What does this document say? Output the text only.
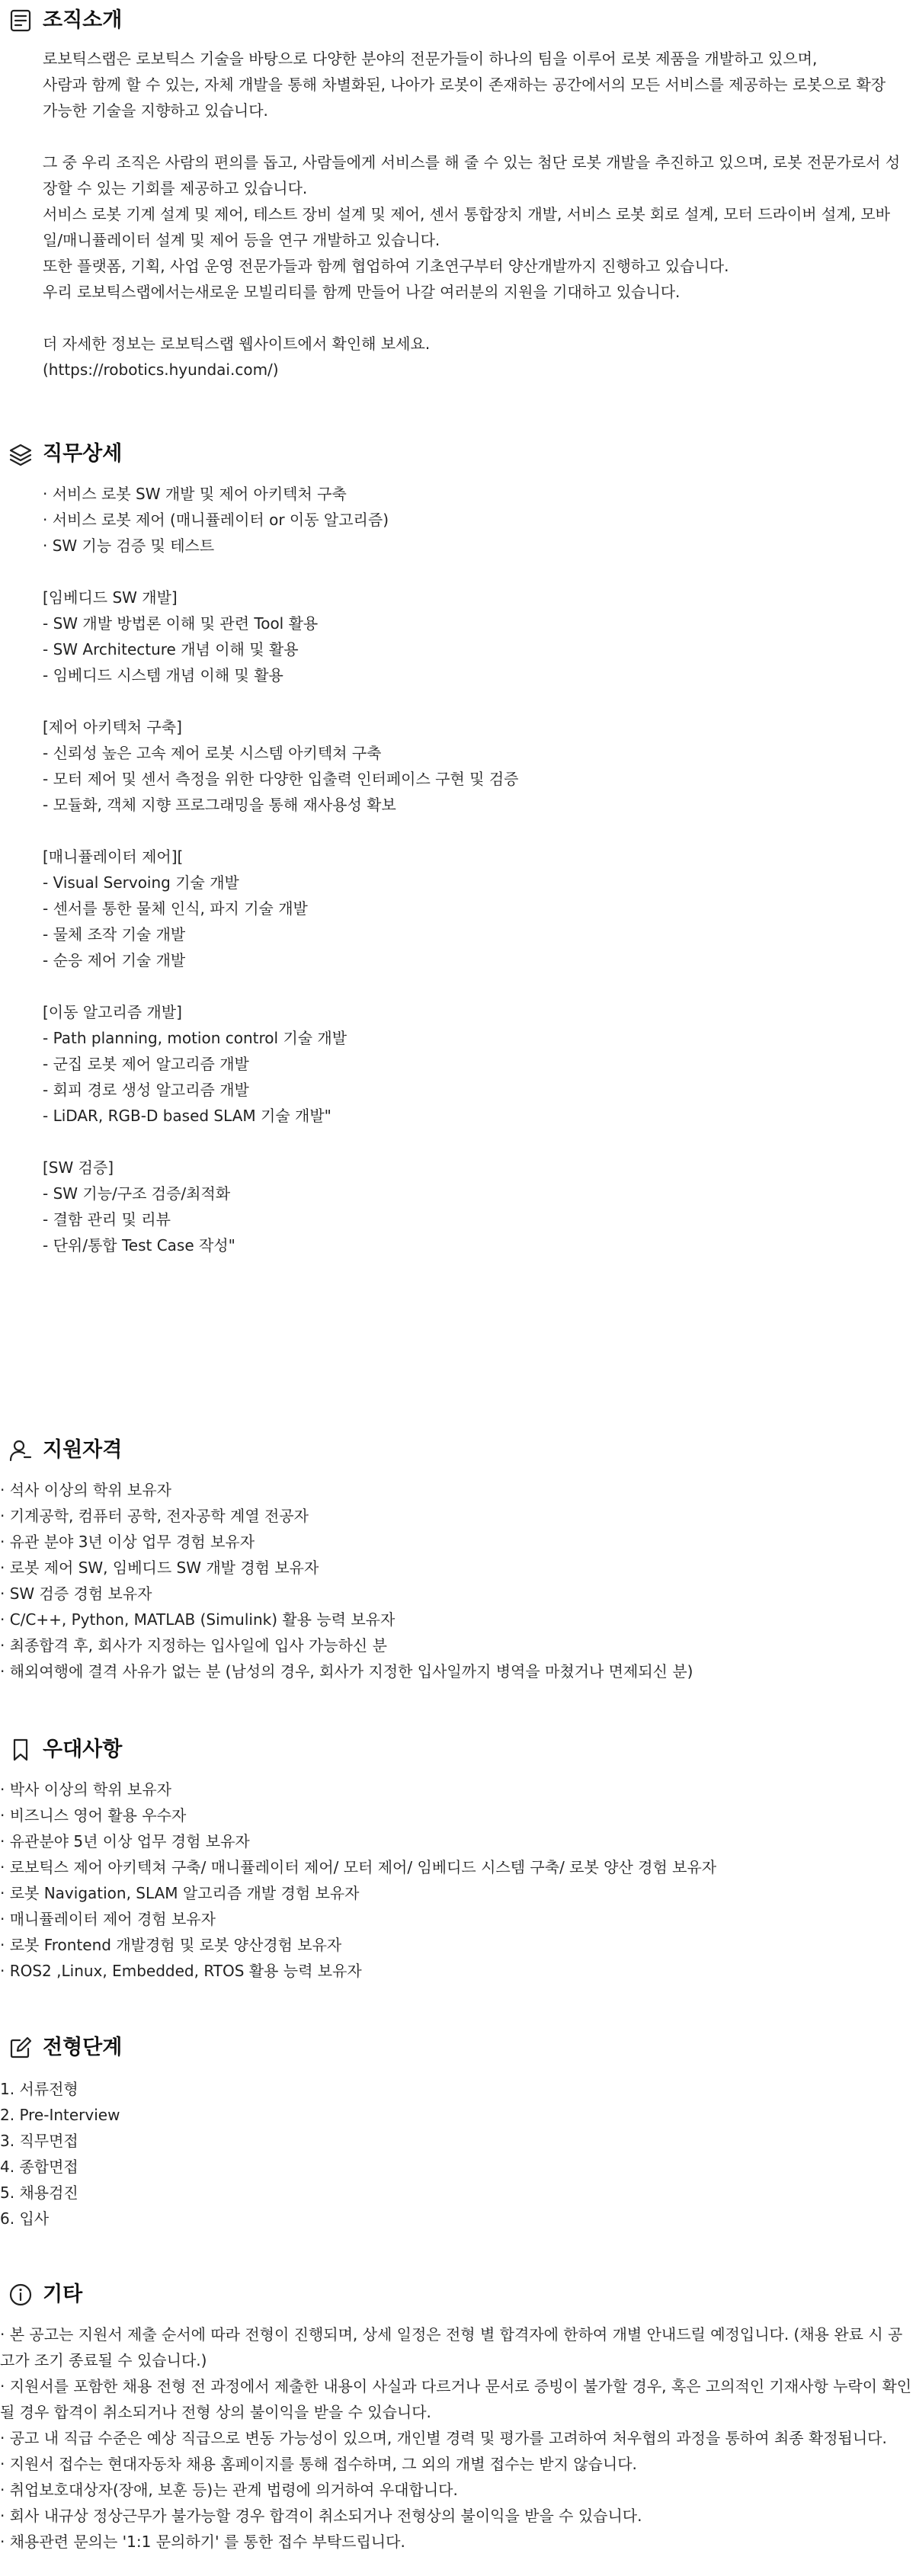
조직소개

로보틱스랩은 로보틱스 기술을 바탕으로 다양한 분야의 전문가들이 하나의 팀을 이루어 로봇 제품을 개발하고 있으며,

사람과 함께 할 수 있는, 자체 개발을 통해 차별화된, 나아가 로봇이 존재하는 공간에서의 모든 서비스를 제공하는 로봇으로 확장 가능한 기술을 지향하고 있습니다.

그 중 우리 조직은 사람의 편의를 돕고, 사람들에게 서비스를 해 줄 수 있는 첨단 로봇 개발을 추진하고 있으며, 로봇 전문가로서 성장할 수 있는 기회를 제공하고 있습니다.

서비스 로봇 기계 설계 및 제어, 테스트 장비 설계 및 제어, 센서 통합장치 개발, 서비스 로봇 회로 설계, 모터 드라이버 설계, 모바일/매니퓰레이터 설계 및 제어 등을 연구 개발하고 있습니다.

또한 플랫폼, 기획, 사업 운영 전문가들과 함께 협업하여 기초연구부터 양산개발까지 진행하고 있습니다.

우리 로보틱스랩에서는새로운 모빌리티를 함께 만들어 나갈 여러분의 지원을 기대하고 있습니다.

더 자세한 정보는 로보틱스랩 웹사이트에서 확인해 보세요.

(https://robotics.hyundai.com/)

직무상세
· 서비스 로봇 SW 개발 및 제어 아키텍처 구축
· 서비스 로봇 제어 (매니퓰레이터 or 이동 알고리즘)
· SW 기능 검증 및 테스트
[임베디드 SW 개발]
- SW 개발 방법론 이해 및 관련 Tool 활용
- SW Architecture 개념 이해 및 활용
- 임베디드 시스템 개념 이해 및 활용
[제어 아키텍처 구축]
- 신뢰성 높은 고속 제어 로봇 시스템 아키텍쳐 구축
- 모터 제어 및 센서 측정을 위한 다양한 입출력 인터페이스 구현 및 검증
- 모듈화, 객체 지향 프로그래밍을 통해 재사용성 확보
[매니퓰레이터 제어][
- Visual Servoing 기술 개발
- 센서를 통한 물체 인식, 파지 기술 개발
- 물체 조작 기술 개발
- 순응 제어 기술 개발
[이동 알고리즘 개발]
- Path planning, motion control 기술 개발
- 군집 로봇 제어 알고리즘 개발
- 회피 경로 생성 알고리즘 개발
- LiDAR, RGB-D based SLAM 기술 개발"
[SW 검증]
- SW 기능/구조 검증/최적화
- 결함 관리 및 리뷰
- 단위/통합 Test Case 작성"
지원자격
· 석사 이상의 학위 보유자
· 기계공학, 컴퓨터 공학, 전자공학 계열 전공자
· 유관 분야 3년 이상 업무 경험 보유자
· 로봇 제어 SW, 임베디드 SW 개발 경험 보유자
· SW 검증 경험 보유자
· C/C++, Python, MATLAB (Simulink) 활용 능력 보유자
· 최종합격 후, 회사가 지정하는 입사일에 입사 가능하신 분
· 해외여행에 결격 사유가 없는 분 (남성의 경우, 회사가 지정한 입사일까지 병역을 마쳤거나 면제되신 분)
우대사항
· 박사 이상의 학위 보유자
· 비즈니스 영어 활용 우수자
· 유관분야 5년 이상 업무 경험 보유자
· 로보틱스 제어 아키텍쳐 구축/ 매니퓰레이터 제어/ 모터 제어/ 임베디드 시스템 구축/ 로봇 양산 경험 보유자
· 로봇 Navigation, SLAM 알고리즘 개발 경험 보유자
· 매니퓰레이터 제어 경험 보유자
· 로봇 Frontend 개발경험 및 로봇 양산경험 보유자
· ROS2 ,Linux, Embedded, RTOS 활용 능력 보유자
전형단계
1. 서류전형
2. Pre-Interview
3. 직무면접
4. 종합면접
5. 채용검진
6. 입사
기타
· 본 공고는 지원서 제출 순서에 따라 전형이 진행되며, 상세 일정은 전형 별 합격자에 한하여 개별 안내드릴 예정입니다. (채용 완료 시 공고가 조기 종료될 수 있습니다.)
· 지원서를 포함한 채용 전형 전 과정에서 제출한 내용이 사실과 다르거나 문서로 증빙이 불가할 경우, 혹은 고의적인 기재사항 누락이 확인될 경우 합격이 취소되거나 전형 상의 불이익을 받을 수 있습니다.
· 공고 내 직급 수준은 예상 직급으로 변동 가능성이 있으며, 개인별 경력 및 평가를 고려하여 처우협의 과정을 통하여 최종 확정됩니다.
· 지원서 접수는 현대자동차 채용 홈페이지를 통해 접수하며, 그 외의 개별 접수는 받지 않습니다.
· 취업보호대상자(장애, 보훈 등)는 관계 법령에 의거하여 우대합니다.
· 회사 내규상 정상근무가 불가능할 경우 합격이 취소되거나 전형상의 불이익을 받을 수 있습니다.
· 채용관련 문의는 '1:1 문의하기' 를 통한 접수 부탁드립니다.
